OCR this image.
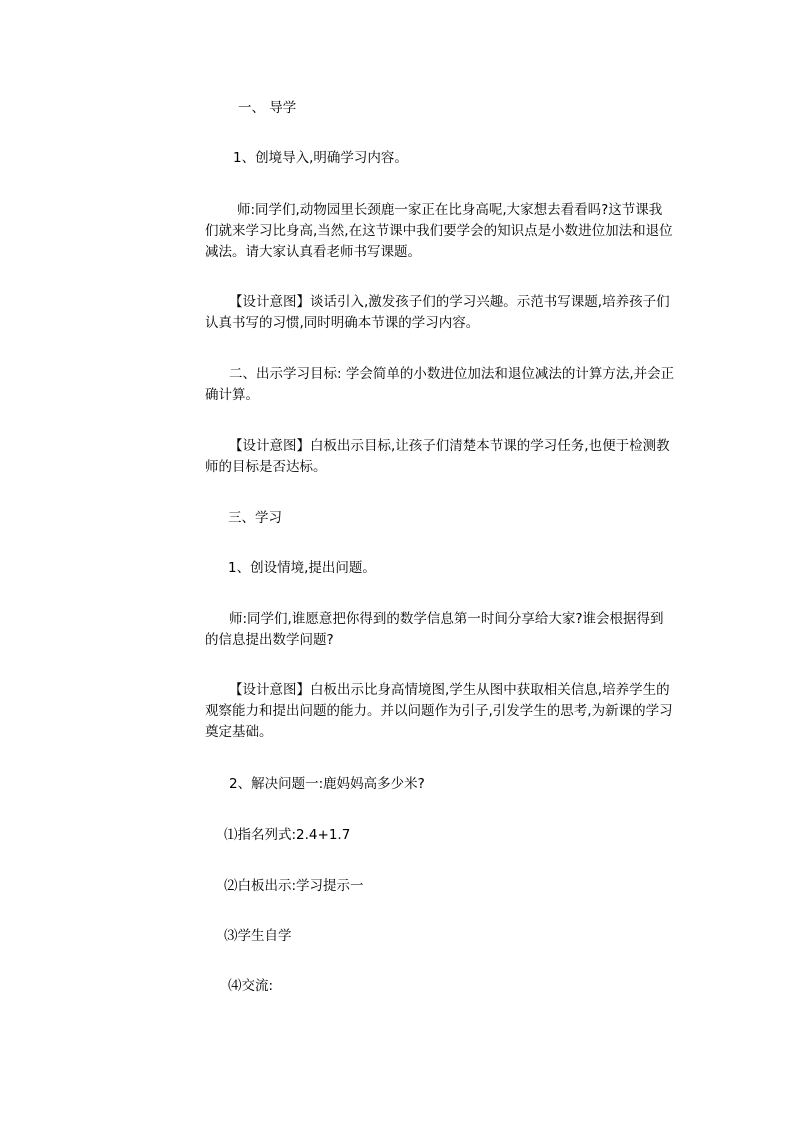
一、 导学

1、创境导入,明确学习内容。

师:同学们,动物园里长颈鹿一家正在比身高呢,大家想去看看吗?这节课我们就来学习比身高,当然,在这节课中我们要学会的知识点是小数进位加法和退位减法。请大家认真看老师书写课题。

【设计意图】谈话引入,激发孩子们的学习兴趣。示范书写课题,培养孩子们认真书写的习惯,同时明确本节课的学习内容。

二、出示学习目标: 学会简单的小数进位加法和退位减法的计算方法,并会正确计算。

【设计意图】白板出示目标,让孩子们清楚本节课的学习任务,也便于检测教师的目标是否达标。

三、学习

1、创设情境,提出问题。

师:同学们,谁愿意把你得到的数学信息第一时间分享给大家?谁会根据得到的信息提出数学问题?

【设计意图】白板出示比身高情境图,学生从图中获取相关信息,培养学生的观察能力和提出问题的能力。并以问题作为引子,引发学生的思考,为新课的学习奠定基础。

2、解决问题一:鹿妈妈高多少米?

⑴指名列式:2.4+1.7

⑵白板出示:学习提示一

⑶学生自学

⑷交流:
